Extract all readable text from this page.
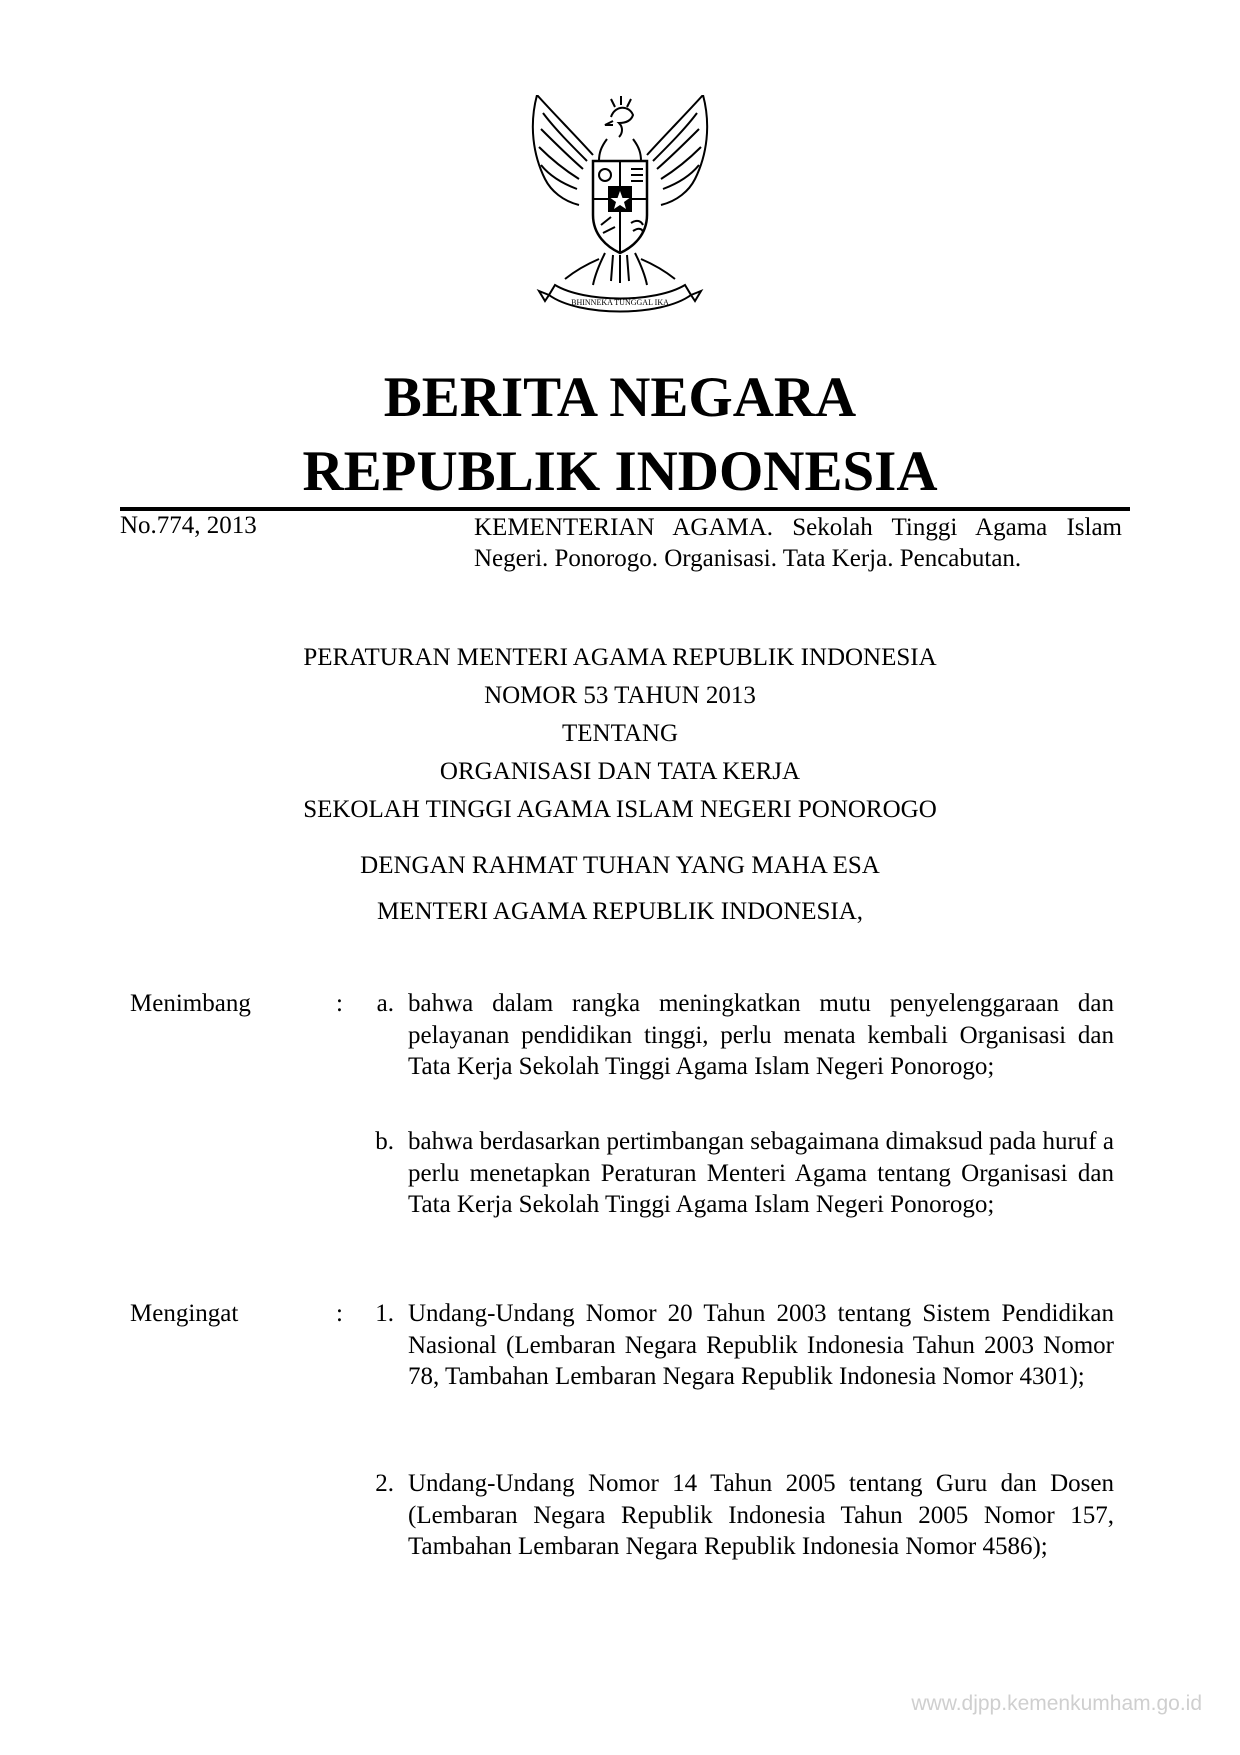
BHINNEKA TUNGGAL IKA
BERITA NEGARA
REPUBLIK INDONESIA
No.774, 2013	KEMENTERIAN AGAMA. Sekolah Tinggi Agama Islam Negeri. Ponorogo. Organisasi. Tata Kerja. Pencabutan.
PERATURAN MENTERI AGAMA REPUBLIK INDONESIA
NOMOR 53 TAHUN 2013
TENTANG
ORGANISASI DAN TATA KERJA
SEKOLAH TINGGI AGAMA ISLAM NEGERI PONOROGO
DENGAN RAHMAT TUHAN YANG MAHA ESA
MENTERI AGAMA REPUBLIK INDONESIA,
Menimbang	:	a. bahwa dalam rangka meningkatkan mutu penyelenggaraan dan pelayanan pendidikan tinggi, perlu menata kembali Organisasi dan Tata Kerja Sekolah Tinggi Agama Islam Negeri Ponorogo;
b. bahwa berdasarkan pertimbangan sebagaimana dimaksud pada huruf a perlu menetapkan Peraturan Menteri Agama tentang Organisasi dan Tata Kerja Sekolah Tinggi Agama Islam Negeri Ponorogo;
Mengingat	:	1. Undang-Undang Nomor 20 Tahun 2003 tentang Sistem Pendidikan Nasional (Lembaran Negara Republik Indonesia Tahun 2003 Nomor 78, Tambahan Lembaran Negara Republik Indonesia Nomor 4301);
2. Undang-Undang Nomor 14 Tahun 2005 tentang Guru dan Dosen (Lembaran Negara Republik Indonesia Tahun 2005 Nomor 157, Tambahan Lembaran Negara Republik Indonesia Nomor 4586);
www.djpp.kemenkumham.go.id
